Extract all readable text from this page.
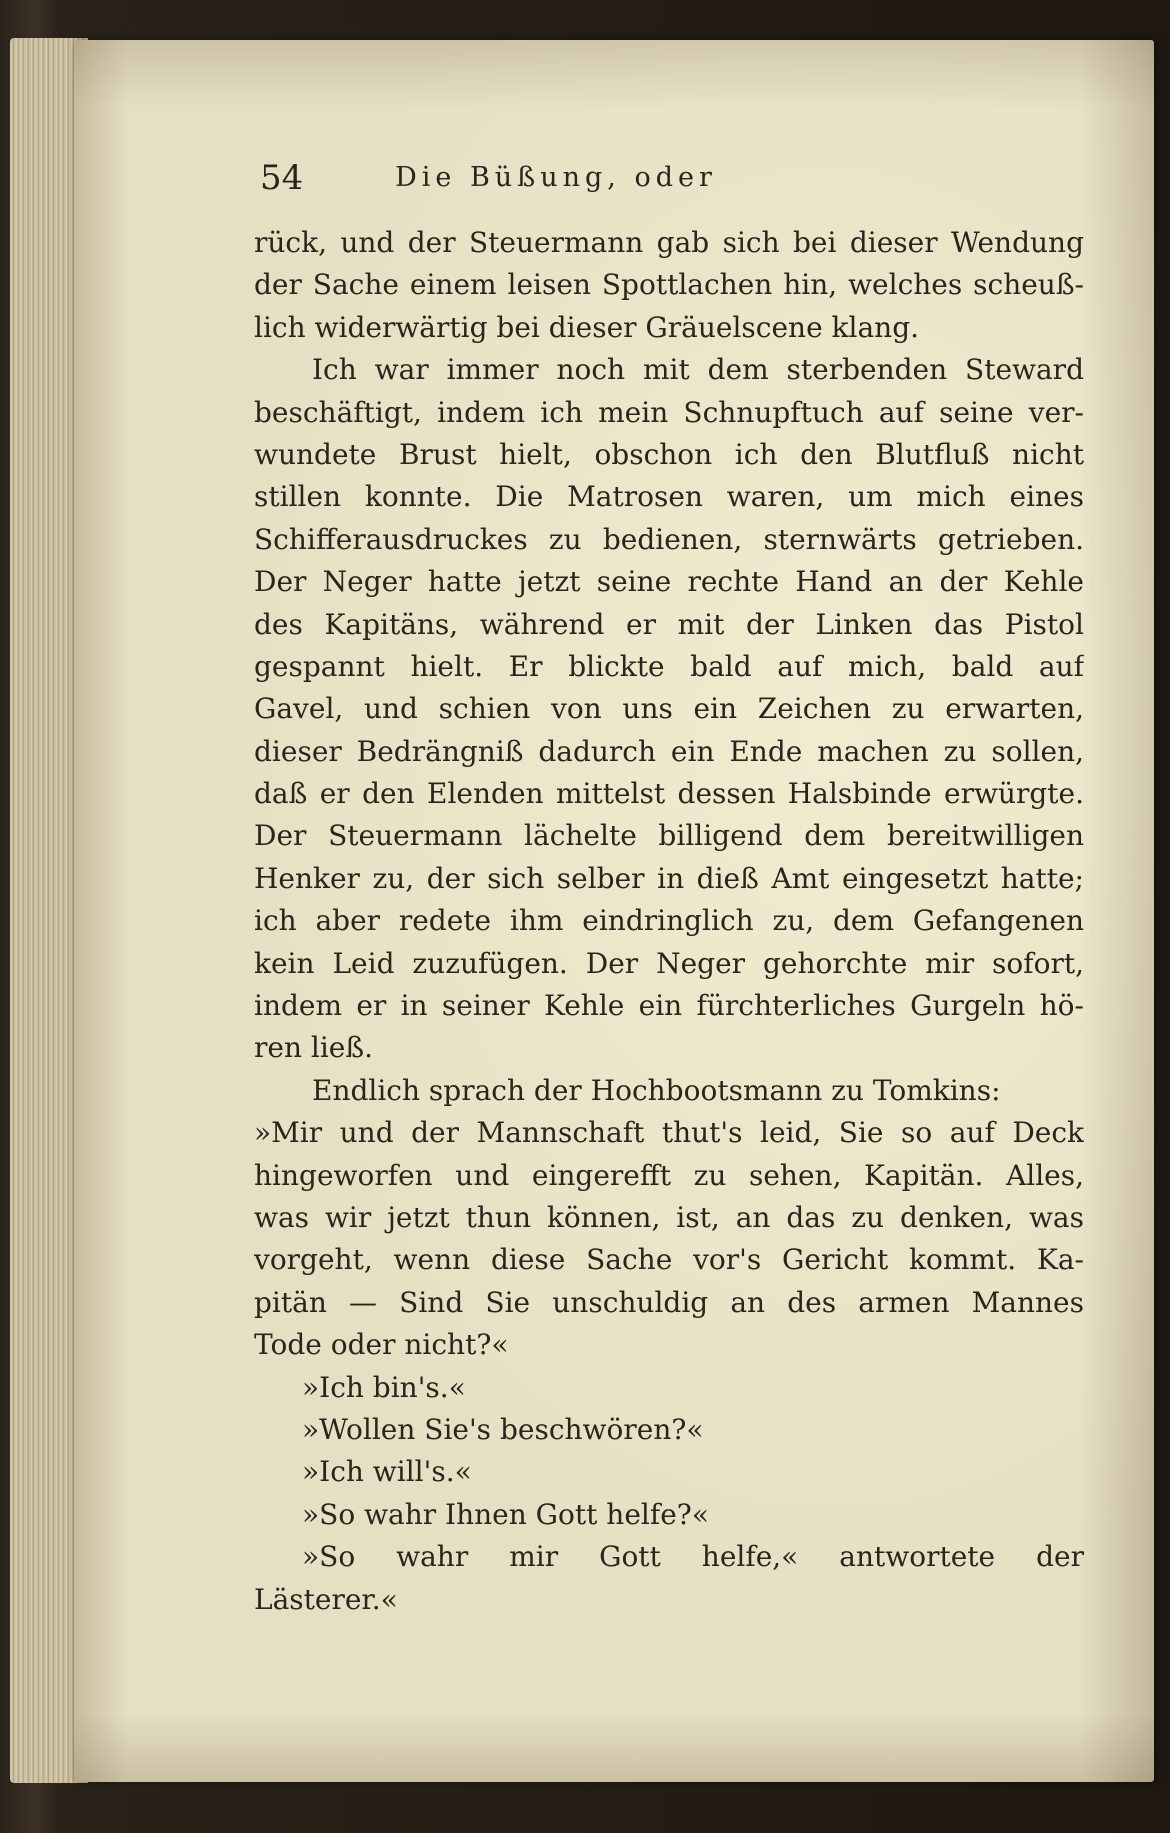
54	Die Büßung, oder
rück, und der Steuermann gab sich bei dieser Wendung
der Sache einem leisen Spottlachen hin, welches scheuß-
lich widerwärtig bei dieser Gräuelscene klang.
Ich war immer noch mit dem sterbenden Steward
beschäftigt, indem ich mein Schnupftuch auf seine ver-
wundete Brust hielt, obschon ich den Blutfluß nicht
stillen konnte. Die Matrosen waren, um mich eines
Schifferausdruckes zu bedienen, sternwärts getrieben.
Der Neger hatte jetzt seine rechte Hand an der Kehle
des Kapitäns, während er mit der Linken das Pistol
gespannt hielt. Er blickte bald auf mich, bald auf
Gavel, und schien von uns ein Zeichen zu erwarten,
dieser Bedrängniß dadurch ein Ende machen zu sollen,
daß er den Elenden mittelst dessen Halsbinde erwürgte.
Der Steuermann lächelte billigend dem bereitwilligen
Henker zu, der sich selber in dieß Amt eingesetzt hatte;
ich aber redete ihm eindringlich zu, dem Gefangenen
kein Leid zuzufügen. Der Neger gehorchte mir sofort,
indem er in seiner Kehle ein fürchterliches Gurgeln hö-
ren ließ.
Endlich sprach der Hochbootsmann zu Tomkins:
»Mir und der Mannschaft thut's leid, Sie so auf Deck
hingeworfen und eingerefft zu sehen, Kapitän. Alles,
was wir jetzt thun können, ist, an das zu denken, was
vorgeht, wenn diese Sache vor's Gericht kommt. Ka-
pitän — Sind Sie unschuldig an des armen Mannes
Tode oder nicht?«
»Ich bin's.«
»Wollen Sie's beschwören?«
»Ich will's.«
»So wahr Ihnen Gott helfe?«
»So wahr mir Gott helfe,« antwortete der
Lästerer.«
